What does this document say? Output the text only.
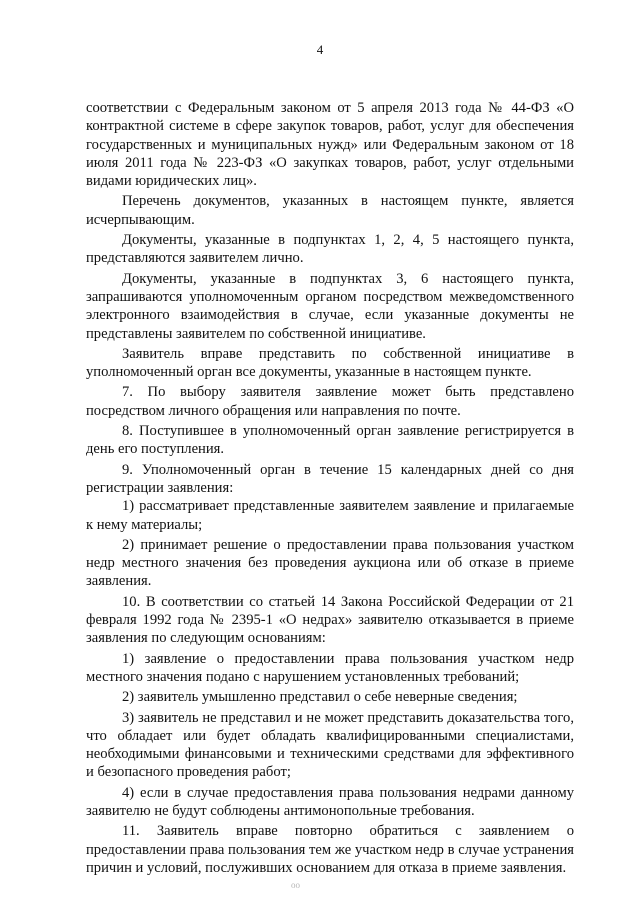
4

соответствии с Федеральным законом от 5 апреля 2013 года № 44-ФЗ «О контрактной системе в сфере закупок товаров, работ, услуг для обеспечения государственных и муниципальных нужд» или Федеральным законом от 18 июля 2011 года № 223-ФЗ «О закупках товаров, работ, услуг отдельными видами юридических лиц».

Перечень документов, указанных в настоящем пункте, является исчерпывающим.

Документы, указанные в подпунктах 1, 2, 4, 5 настоящего пункта, представляются заявителем лично.

Документы, указанные в подпунктах 3, 6 настоящего пункта, запрашиваются уполномоченным органом посредством межведомственного электронного взаимодействия в случае, если указанные документы не представлены заявителем по собственной инициативе.

Заявитель вправе представить по собственной инициативе в уполномоченный орган все документы, указанные в настоящем пункте.

7. По выбору заявителя заявление может быть представлено посредством личного обращения или направления по почте.

8. Поступившее в уполномоченный орган заявление регистрируется в день его поступления.

9. Уполномоченный орган в течение 15 календарных дней со дня регистрации заявления:

1) рассматривает представленные заявителем заявление и прилагаемые к нему материалы;

2) принимает решение о предоставлении права пользования участком недр местного значения без проведения аукциона или об отказе в приеме заявления.

10. В соответствии со статьей 14 Закона Российской Федерации от 21 февраля 1992 года № 2395-1 «О недрах» заявителю отказывается в приеме заявления по следующим основаниям:

1) заявление о предоставлении права пользования участком недр местного значения подано с нарушением установленных требований;

2) заявитель умышленно представил о себе неверные сведения;

3) заявитель не представил и не может представить доказательства того, что обладает или будет обладать квалифицированными специалистами, необходимыми финансовыми и техническими средствами для эффективного и безопасного проведения работ;

4) если в случае предоставления права пользования недрами данному заявителю не будут соблюдены антимонопольные требования.

11. Заявитель вправе повторно обратиться с заявлением о предоставлении права пользования тем же участком недр в случае устранения причин и условий, послуживших основанием для отказа в приеме заявления.

oo
